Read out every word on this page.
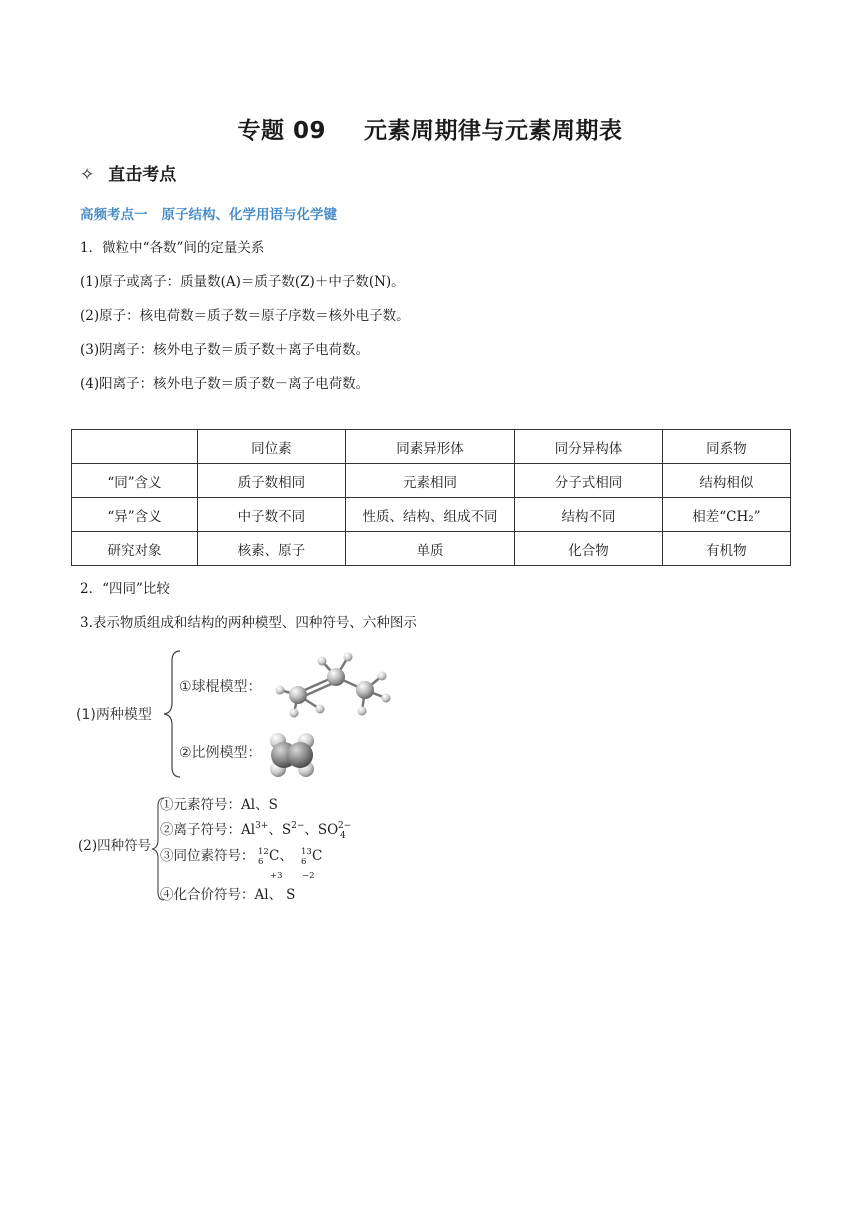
专题 09 元素周期律与元素周期表
✧ 直击考点
高频考点一 原子结构、化学用语与化学键
1．微粒中“各数”间的定量关系
(1)原子或离子：质量数(A)＝质子数(Z)＋中子数(N)。
(2)原子：核电荷数＝质子数＝原子序数＝核外电子数。
(3)阴离子：核外电子数＝质子数＋离子电荷数。
(4)阳离子：核外电子数＝质子数－离子电荷数。
	同位素	同素异形体	同分异构体	同系物
“同”含义	质子数相同	元素相同	分子式相同	结构相似
“异”含义	中子数不同	性质、结构、组成不同	结构不同	相差“CH₂”
研究对象	核素、原子	单质	化合物	有机物
2．“四同”比较
3.表示物质组成和结构的两种模型、四种符号、六种图示
(1)两种模型
①球棍模型：
②比例模型：
(2)四种符号
①元素符号：Al、S
②离子符号：$Al^{3+}$、$S^{2-}$、SO 2−
4
③同位素符号： 12
6 C、 13
6 C
+3 −2
④化合价符号：Al、 S
